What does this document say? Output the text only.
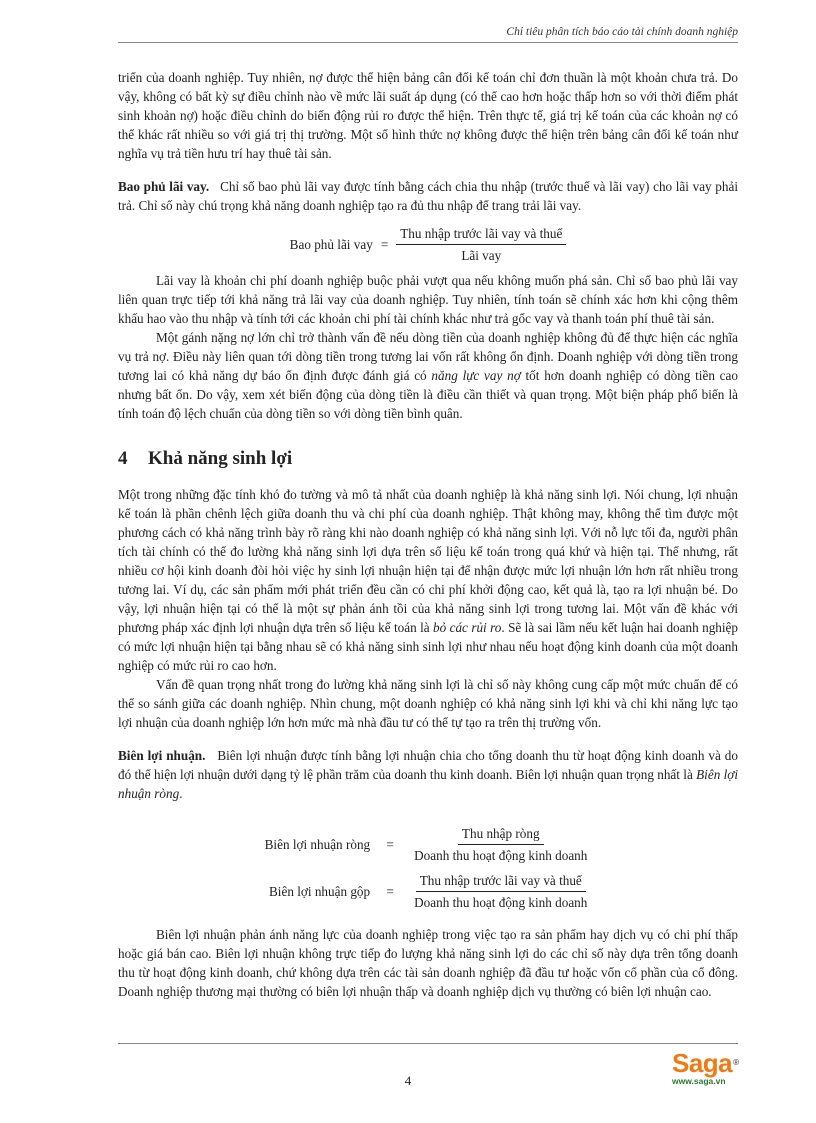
Chỉ tiêu phân tích báo cáo tài chính doanh nghiệp

triển của doanh nghiệp. Tuy nhiên, nợ được thể hiện bảng cân đối kế toán chỉ đơn thuần là một khoản chưa trả. Do vậy, không có bất kỳ sự điều chỉnh nào về mức lãi suất áp dụng (có thể cao hơn hoặc thấp hơn so với thời điểm phát sinh khoản nợ) hoặc điều chỉnh do biến động rủi ro được thể hiện. Trên thực tế, giá trị kế toán của các khoản nợ có thể khác rất nhiều so với giá trị thị trường. Một số hình thức nợ không được thể hiện trên bảng cân đối kế toán như nghĩa vụ trả tiền hưu trí hay thuê tài sản.

Bao phủ lãi vay. Chỉ số bao phủ lãi vay được tính bằng cách chia thu nhập (trước thuế và lãi vay) cho lãi vay phải trả. Chỉ số này chú trọng khả năng doanh nghiệp tạo ra đủ thu nhập để trang trải lãi vay.

Bao phủ lãi vay = $\frac{\text{Thu nhập trước lãi vay và thuế}}{\text{Lãi vay}}$

Lãi vay là khoản chi phí doanh nghiệp buộc phải vượt qua nếu không muốn phá sản. Chỉ số bao phủ lãi vay liên quan trực tiếp tới khả năng trả lãi vay của doanh nghiệp. Tuy nhiên, tính toán sẽ chính xác hơn khi cộng thêm khấu hao vào thu nhập và tính tới các khoản chi phí tài chính khác như trả gốc vay và thanh toán phí thuê tài sản.

Một gánh nặng nợ lớn chỉ trở thành vấn đề nếu dòng tiền của doanh nghiệp không đủ để thực hiện các nghĩa vụ trả nợ. Điều này liên quan tới dòng tiền trong tương lai vốn rất không ổn định. Doanh nghiệp với dòng tiền trong tương lai có khả năng dự báo ổn định được đánh giá có năng lực vay nợ tốt hơn doanh nghiệp có dòng tiền cao nhưng bất ổn. Do vậy, xem xét biến động của dòng tiền là điều cần thiết và quan trọng. Một biện pháp phổ biến là tính toán độ lệch chuẩn của dòng tiền so với dòng tiền bình quân.

4 Khả năng sinh lợi

Một trong những đặc tính khó đo tường và mô tả nhất của doanh nghiệp là khả năng sinh lợi. Nói chung, lợi nhuận kế toán là phần chênh lệch giữa doanh thu và chi phí của doanh nghiệp. Thật không may, không thể tìm được một phương cách có khả năng trình bày rõ ràng khi nào doanh nghiệp có khả năng sinh lợi. Với nỗ lực tối đa, người phân tích tài chính có thể đo lường khả năng sinh lợi dựa trên số liệu kế toán trong quá khứ và hiện tại. Thế nhưng, rất nhiều cơ hội kinh doanh đòi hỏi việc hy sinh lợi nhuận hiện tại để nhận được mức lợi nhuận lớn hơn rất nhiều trong tương lai. Ví dụ, các sản phẩm mới phát triển đều cần có chi phí khởi động cao, kết quả là, tạo ra lợi nhuận bé. Do vậy, lợi nhuận hiện tại có thể là một sự phản ánh tồi của khả năng sinh lợi trong tương lai. Một vấn đề khác với phương pháp xác định lợi nhuận dựa trên số liệu kế toán là bỏ các rủi ro. Sẽ là sai lầm nếu kết luận hai doanh nghiệp có mức lợi nhuận hiện tại bằng nhau sẽ có khả năng sinh sinh lợi như nhau nếu hoạt động kinh doanh của một doanh nghiệp có mức rủi ro cao hơn.

Vấn đề quan trọng nhất trong đo lường khả năng sinh lợi là chỉ số này không cung cấp một mức chuẩn để có thể so sánh giữa các doanh nghiệp. Nhìn chung, một doanh nghiệp có khả năng sinh lợi khi và chỉ khi năng lực tạo lợi nhuận của doanh nghiệp lớn hơn mức mà nhà đầu tư có thể tự tạo ra trên thị trường vốn.

Biên lợi nhuận. Biên lợi nhuận được tính bằng lợi nhuận chia cho tổng doanh thu từ hoạt động kinh doanh và do đó thể hiện lợi nhuận dưới dạng tỷ lệ phần trăm của doanh thu kinh doanh. Biên lợi nhuận quan trọng nhất là Biên lợi nhuận ròng.

Biên lợi nhuận ròng	=	$\frac{\text{Thu nhập ròng}}{\text{Doanh thu hoạt động kinh doanh}}$

Biên lợi nhuận gộp	=	$\frac{\text{Thu nhập trước lãi vay và thuế}}{\text{Doanh thu hoạt động kinh doanh}}$

Biên lợi nhuận phản ánh năng lực của doanh nghiệp trong việc tạo ra sản phẩm hay dịch vụ có chi phí thấp hoặc giá bán cao. Biên lợi nhuận không trực tiếp đo lượng khả năng sinh lợi do các chỉ số này dựa trên tổng doanh thu từ hoạt động kinh doanh, chứ không dựa trên các tài sản doanh nghiệp đã đầu tư hoặc vốn cổ phần của cổ đông. Doanh nghiệp thương mại thường có biên lợi nhuận thấp và doanh nghiệp dịch vụ thường có biên lợi nhuận cao.

4
Saga®
www.saga.vn
